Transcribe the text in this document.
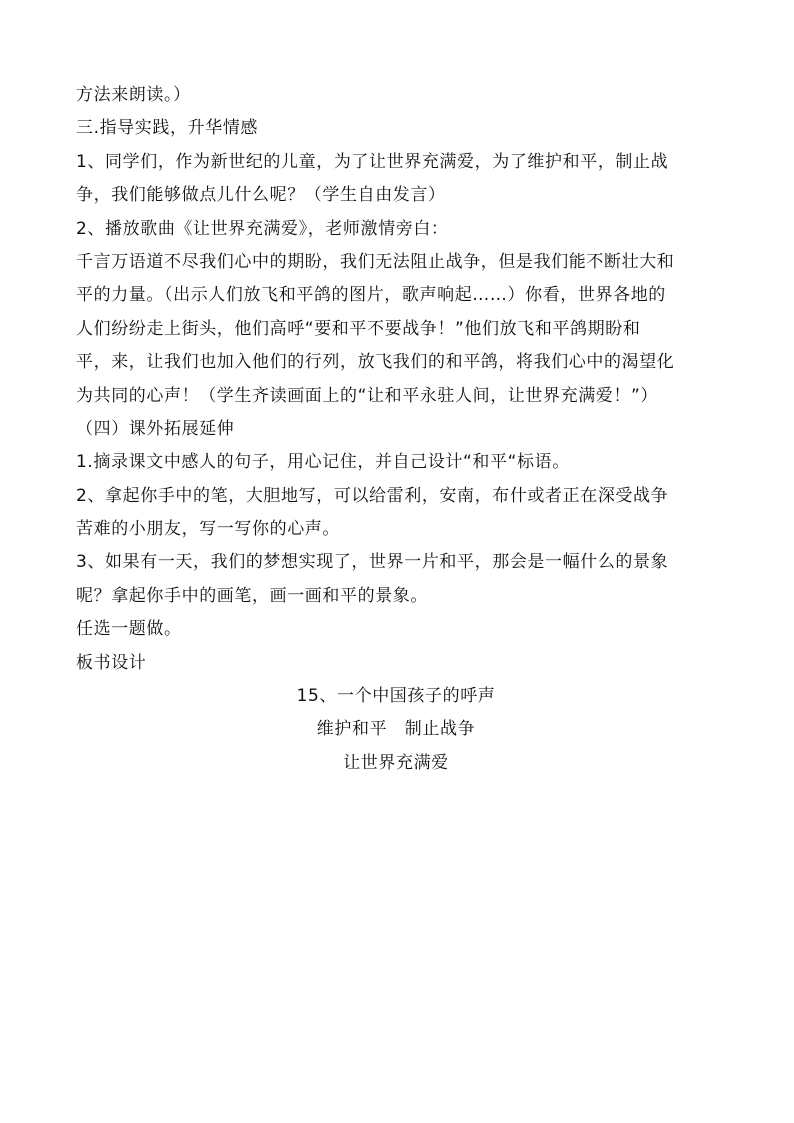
方法来朗读。）
三.指导实践，升华情感
1、同学们，作为新世纪的儿童，为了让世界充满爱，为了维护和平，制止战
争，我们能够做点儿什么呢？（学生自由发言）
2、播放歌曲《让世界充满爱》，老师激情旁白：
千言万语道不尽我们心中的期盼，我们无法阻止战争，但是我们能不断壮大和
平的力量。（出示人们放飞和平鸽的图片，歌声响起……）你看，世界各地的
人们纷纷走上街头，他们高呼“要和平不要战争！”他们放飞和平鸽期盼和
平，来，让我们也加入他们的行列，放飞我们的和平鸽，将我们心中的渴望化
为共同的心声！（学生齐读画面上的“让和平永驻人间，让世界充满爱！”）
（四）课外拓展延伸
1.摘录课文中感人的句子，用心记住，并自己设计“和平“标语。
2、拿起你手中的笔，大胆地写，可以给雷利，安南，布什或者正在深受战争
苦难的小朋友，写一写你的心声。
3、如果有一天，我们的梦想实现了，世界一片和平，那会是一幅什么的景象
呢？拿起你手中的画笔，画一画和平的景象。
任选一题做。
板书设计
15、一个中国孩子的呼声
维护和平　制止战争
让世界充满爱
